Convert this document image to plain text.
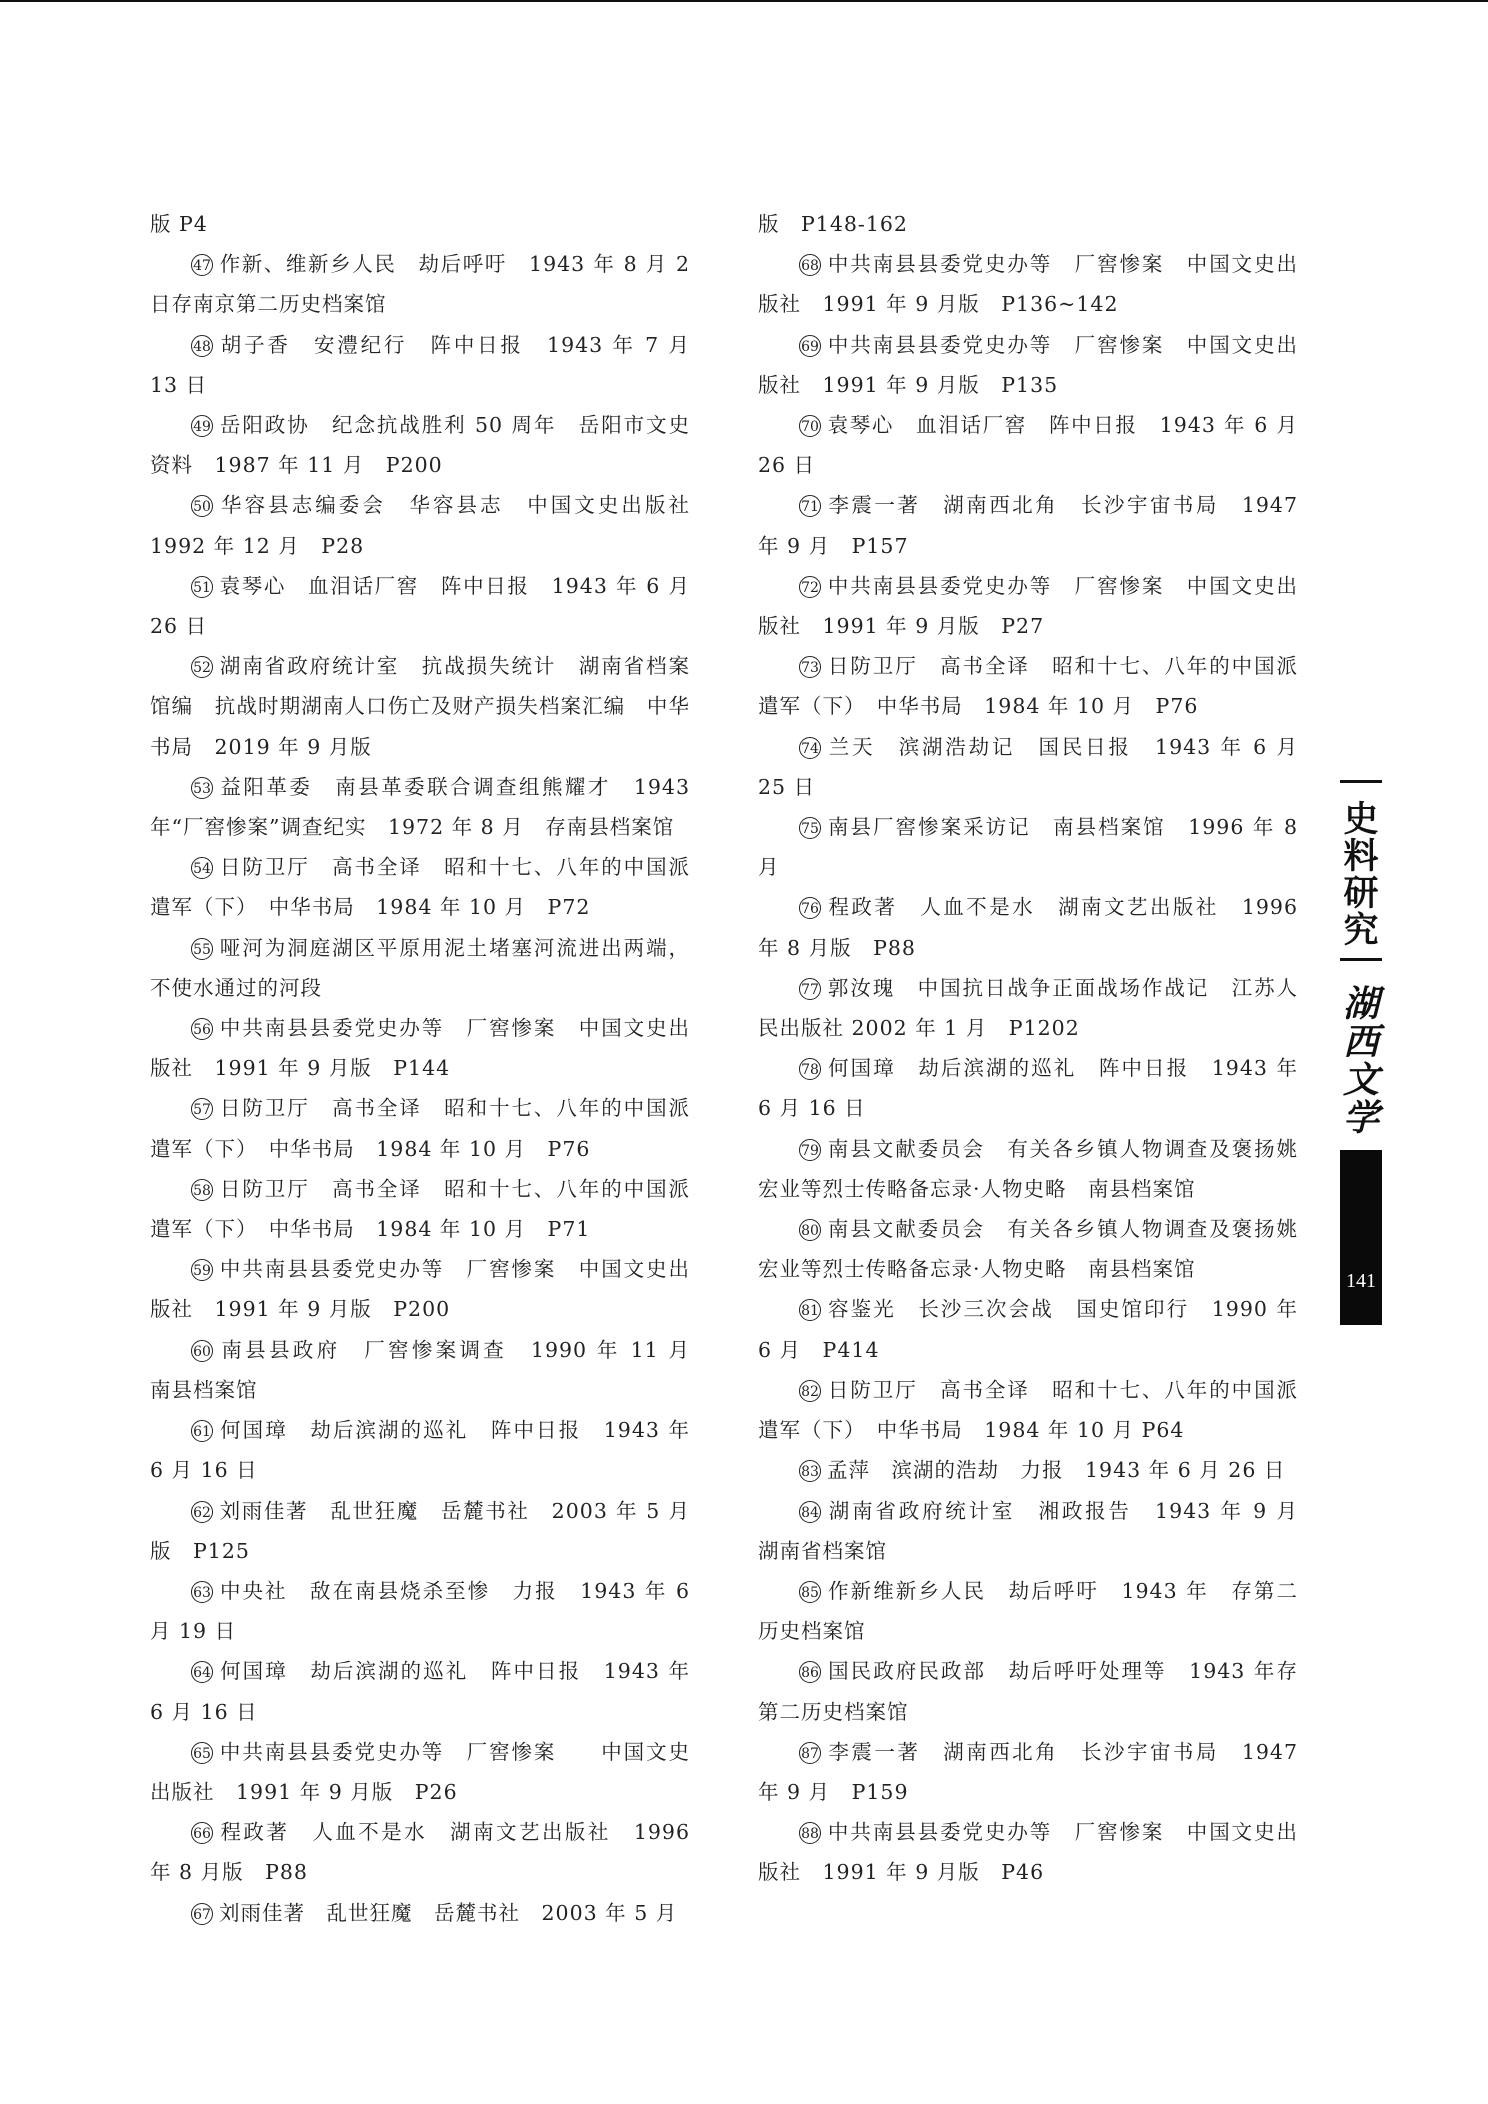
版 P4

47 作新、维新乡人民　劫后呼吁　1943 年 8 月 2 日存南京第二历史档案馆

48 胡子香　安澧纪行　阵中日报　1943 年 7 月 13 日

49 岳阳政协　纪念抗战胜利 50 周年　岳阳市文史资料　1987 年 11 月　P200

50 华容县志编委会　华容县志　中国文史出版社 1992 年 12 月　P28

51 袁琴心　血泪话厂窖　阵中日报　1943 年 6 月 26 日

52 湖南省政府统计室　抗战损失统计　湖南省档案馆编　抗战时期湖南人口伤亡及财产损失档案汇编　中华书局　2019 年 9 月版

53 益阳革委　南县革委联合调查组熊耀才　1943 年“厂窖惨案”调查纪实　1972 年 8 月　存南县档案馆

54 日防卫厅　高书全译　昭和十七、八年的中国派遣军（下）　中华书局　1984 年 10 月　P72

55 哑河为洞庭湖区平原用泥土堵塞河流进出两端，不使水通过的河段

56 中共南县县委党史办等　厂窖惨案　中国文史出版社　1991 年 9 月版　P144

57 日防卫厅　高书全译　昭和十七、八年的中国派遣军（下）　中华书局　1984 年 10 月　P76

58 日防卫厅　高书全译　昭和十七、八年的中国派遣军（下）　中华书局　1984 年 10 月　P71

59 中共南县县委党史办等　厂窖惨案　中国文史出版社　1991 年 9 月版　P200

60 南县县政府　厂窖惨案调查　1990 年 11 月　南县档案馆

61 何国璋　劫后滨湖的巡礼　阵中日报　1943 年 6 月 16 日

62 刘雨佳著　乱世狂魔　岳麓书社　2003 年 5 月版　P125

63 中央社　敌在南县烧杀至惨　力报　1943 年 6 月 19 日

64 何国璋　劫后滨湖的巡礼　阵中日报　1943 年 6 月 16 日

65 中共南县县委党史办等　厂窖惨案　　中国文史出版社　1991 年 9 月版　P26

66 程政著　人血不是水　湖南文艺出版社　1996 年 8 月版　P88

67 刘雨佳著　乱世狂魔　岳麓书社　2003 年 5 月

版　P148-162

68 中共南县县委党史办等　厂窖惨案　中国文史出版社　1991 年 9 月版　P136~142

69 中共南县县委党史办等　厂窖惨案　中国文史出版社　1991 年 9 月版　P135

70 袁琴心　血泪话厂窖　阵中日报　1943 年 6 月 26 日

71 李震一著　湖南西北角　长沙宇宙书局　1947 年 9 月　P157

72 中共南县县委党史办等　厂窖惨案　中国文史出版社　1991 年 9 月版　P27

73 日防卫厅　高书全译　昭和十七、八年的中国派遣军（下）　中华书局　1984 年 10 月　P76

74 兰天　滨湖浩劫记　国民日报　1943 年 6 月 25 日

75 南县厂窖惨案采访记　南县档案馆　1996 年 8 月

76 程政著　人血不是水　湖南文艺出版社　1996 年 8 月版　P88

77 郭汝瑰　中国抗日战争正面战场作战记　江苏人民出版社 2002 年 1 月　P1202

78 何国璋　劫后滨湖的巡礼　阵中日报　1943 年 6 月 16 日

79 南县文献委员会　有关各乡镇人物调查及褒扬姚宏业等烈士传略备忘录·人物史略　南县档案馆

80 南县文献委员会　有关各乡镇人物调查及褒扬姚宏业等烈士传略备忘录·人物史略　南县档案馆

81 容鉴光　长沙三次会战　国史馆印行　1990 年 6 月　P414

82 日防卫厅　高书全译　昭和十七、八年的中国派遣军（下）　中华书局　1984 年 10 月 P64

83 孟萍　滨湖的浩劫　力报　1943 年 6 月 26 日

84 湖南省政府统计室　湘政报告　1943 年 9 月　湖南省档案馆

85 作新维新乡人民　劫后呼吁　1943 年　存第二历史档案馆

86 国民政府民政部　劫后呼吁处理等　1943 年存第二历史档案馆

87 李震一著　湖南西北角　长沙宇宙书局　1947 年 9 月　P159

88 中共南县县委党史办等　厂窖惨案　中国文史出版社　1991 年 9 月版　P46

史
料
研
究
湖
西
文
学
141
